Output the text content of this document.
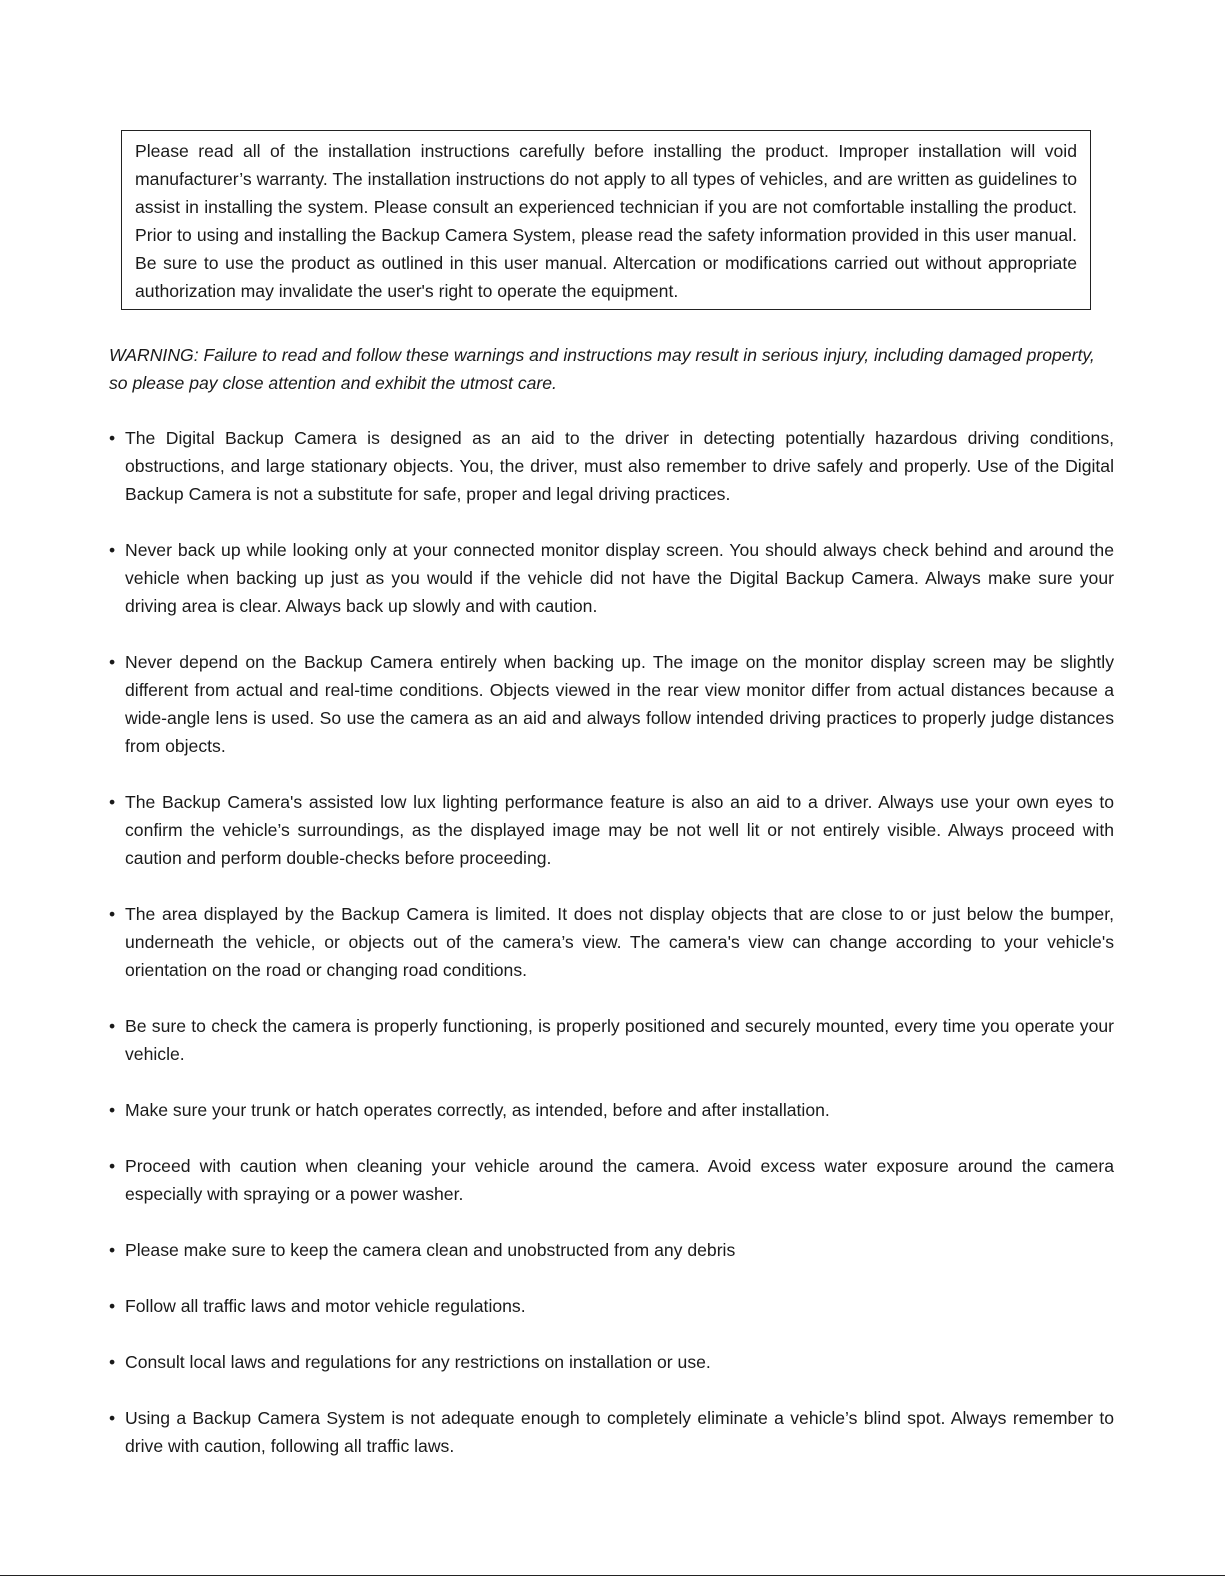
Please read all of the installation instructions carefully before installing the product. Improper installation will void manufacturer’s warranty. The installation instructions do not apply to all types of vehicles, and are written as guidelines to assist in installing the system. Please consult an experienced technician if you are not comfortable installing the product. Prior to using and installing the Backup Camera System, please read the safety information provided in this user manual. Be sure to use the product as outlined in this user manual. Altercation or modifications carried out without appropriate authorization may invalidate the user's right to operate the equipment.

WARNING: Failure to read and follow these warnings and instructions may result in serious injury, including damaged property, so please pay close attention and exhibit the utmost care.

• The Digital Backup Camera is designed as an aid to the driver in detecting potentially hazardous driving conditions, obstructions, and large stationary objects. You, the driver, must also remember to drive safely and properly. Use of the Digital Backup Camera is not a substitute for safe, proper and legal driving practices.
• Never back up while looking only at your connected monitor display screen. You should always check behind and around the vehicle when backing up just as you would if the vehicle did not have the Digital Backup Camera. Always make sure your driving area is clear. Always back up slowly and with caution.
• Never depend on the Backup Camera entirely when backing up. The image on the monitor display screen may be slightly different from actual and real-time conditions. Objects viewed in the rear view monitor differ from actual distances because a wide-angle lens is used. So use the camera as an aid and always follow intended driving practices to properly judge distances from objects.
• The Backup Camera's assisted low lux lighting performance feature is also an aid to a driver. Always use your own eyes to confirm the vehicle’s surroundings, as the displayed image may be not well lit or not entirely visible. Always proceed with caution and perform double-checks before proceeding.
• The area displayed by the Backup Camera is limited. It does not display objects that are close to or just below the bumper, underneath the vehicle, or objects out of the camera’s view. The camera's view can change according to your vehicle's orientation on the road or changing road conditions.
• Be sure to check the camera is properly functioning, is properly positioned and securely mounted, every time you operate your vehicle.
• Make sure your trunk or hatch operates correctly, as intended, before and after installation.
• Proceed with caution when cleaning your vehicle around the camera. Avoid excess water exposure around the camera especially with spraying or a power washer.
• Please make sure to keep the camera clean and unobstructed from any debris
• Follow all traffic laws and motor vehicle regulations.
• Consult local laws and regulations for any restrictions on installation or use.
• Using a Backup Camera System is not adequate enough to completely eliminate a vehicle’s blind spot. Always remember to drive with caution, following all traffic laws.
